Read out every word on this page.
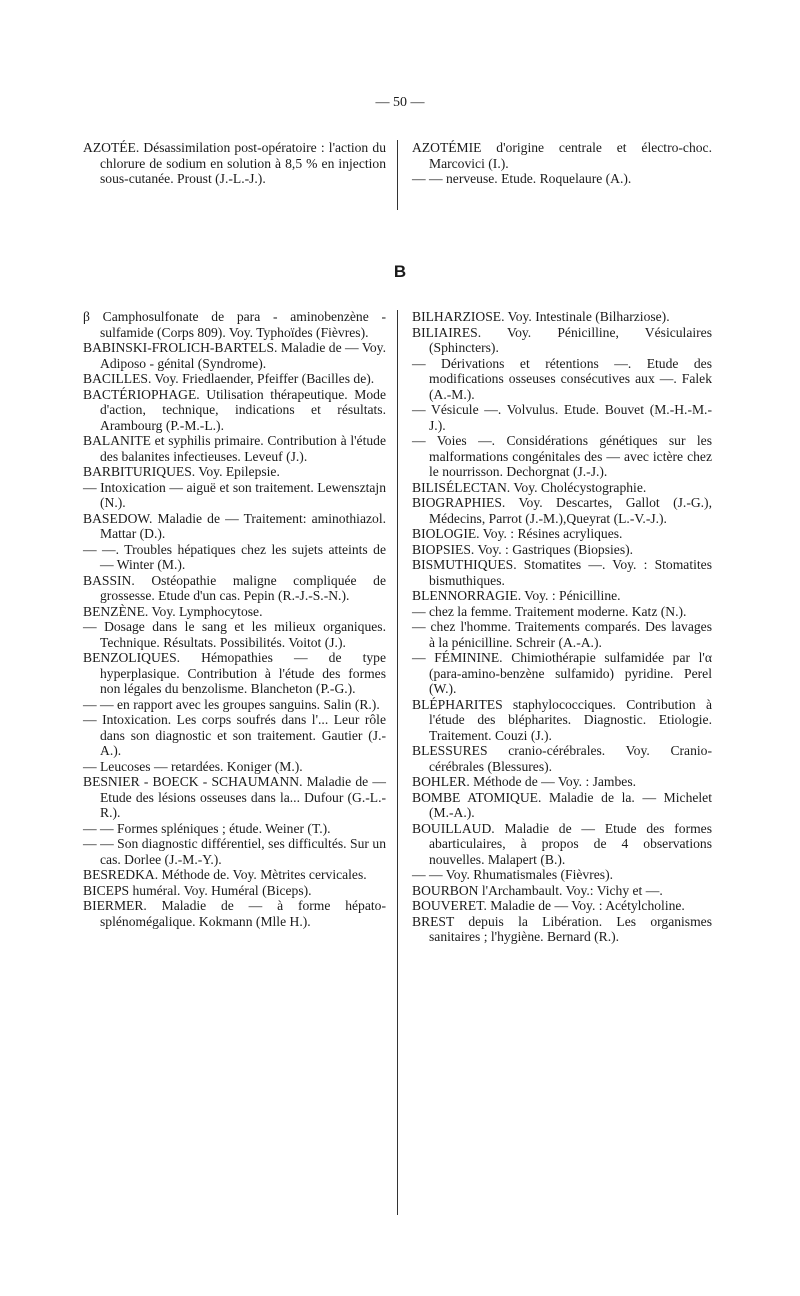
— 50 —

AZOTÉE. Désassimilation post-opératoire : l'action du chlorure de sodium en solution à 8,5 % en injection sous-cutanée. Proust (J.-L.-J.).

AZOTÉMIE d'origine centrale et électro-choc. Marcovici (I.).

— — nerveuse. Etude. Roquelaure (A.).

B

β Camphosulfonate de para - aminobenzène - sulfamide (Corps 809). Voy. Typhoïdes (Fièvres).

BABINSKI-FROLICH-BARTELS. Maladie de — Voy. Adiposo - génital (Syndrome).

BACILLES. Voy. Friedlaender, Pfeiffer (Bacilles de).

BACTÉRIOPHAGE. Utilisation thérapeutique. Mode d'action, technique, indications et résultats. Arambourg (P.-M.-L.).

BALANITE et syphilis primaire. Contribution à l'étude des balanites infectieuses. Leveuf (J.).

BARBITURIQUES. Voy. Epilepsie.

— Intoxication — aiguë et son traitement. Lewensztajn (N.).

BASEDOW. Maladie de — Traitement: aminothiazol. Mattar (D.).

— —. Troubles hépatiques chez les sujets atteints de — Winter (M.).

BASSIN. Ostéopathie maligne compliquée de grossesse. Etude d'un cas. Pepin (R.-J.-S.-N.).

BENZÈNE. Voy. Lymphocytose.

— Dosage dans le sang et les milieux organiques. Technique. Résultats. Possibilités. Voitot (J.).

BENZOLIQUES. Hémopathies — de type hyperplasique. Contribution à l'étude des formes non légales du benzolisme. Blancheton (P.-G.).

— — en rapport avec les groupes sanguins. Salin (R.).

— Intoxication. Les corps soufrés dans l'... Leur rôle dans son diagnostic et son traitement. Gautier (J.-A.).

— Leucoses — retardées. Koniger (M.).

BESNIER - BOECK - SCHAUMANN. Maladie de — Etude des lésions osseuses dans la... Dufour (G.-L.-R.).

— — Formes spléniques ; étude. Weiner (T.).

— — Son diagnostic différentiel, ses difficultés. Sur un cas. Dorlee (J.-M.-Y.).

BESREDKA. Méthode de. Voy. Mètrites cervicales.

BICEPS huméral. Voy. Huméral (Biceps).

BIERMER. Maladie de — à forme hépato-splénomégalique. Kokmann (Mlle H.).

BILHARZIOSE. Voy. Intestinale (Bilharziose).

BILIAIRES. Voy. Pénicilline, Vésiculaires (Sphincters).

— Dérivations et rétentions —. Etude des modifications osseuses consécutives aux —. Falek (A.-M.).

— Vésicule —. Volvulus. Etude. Bouvet (M.-H.-M.-J.).

— Voies —. Considérations génétiques sur les malformations congénitales des — avec ictère chez le nourrisson. Dechorgnat (J.-J.).

BILISÉLECTAN. Voy. Cholécystographie.

BIOGRAPHIES. Voy. Descartes, Gallot (J.-G.), Médecins, Parrot (J.-M.),Queyrat (L.-V.-J.).

BIOLOGIE. Voy. : Résines acryliques.

BIOPSIES. Voy. : Gastriques (Biopsies).

BISMUTHIQUES. Stomatites —. Voy. : Stomatites bismuthiques.

BLENNORRAGIE. Voy. : Pénicilline.

— chez la femme. Traitement moderne. Katz (N.).

— chez l'homme. Traitements comparés. Des lavages à la pénicilline. Schreir (A.-A.).

— FÉMININE. Chimiothérapie sulfamidée par l'α (para-amino-benzène sulfamido) pyridine. Perel (W.).

BLÉPHARITES staphylococciques. Contribution à l'étude des blépharites. Diagnostic. Etiologie. Traitement. Couzi (J.).

BLESSURES cranio-cérébrales. Voy. Cranio-cérébrales (Blessures).

BOHLER. Méthode de — Voy. : Jambes.

BOMBE ATOMIQUE. Maladie de la. — Michelet (M.-A.).

BOUILLAUD. Maladie de — Etude des formes abarticulaires, à propos de 4 observations nouvelles. Malapert (B.).

— — Voy. Rhumatismales (Fièvres).

BOURBON l'Archambault. Voy.: Vichy et —.

BOUVERET. Maladie de — Voy. : Acétylcholine.

BREST depuis la Libération. Les organismes sanitaires ; l'hygiène. Bernard (R.).
